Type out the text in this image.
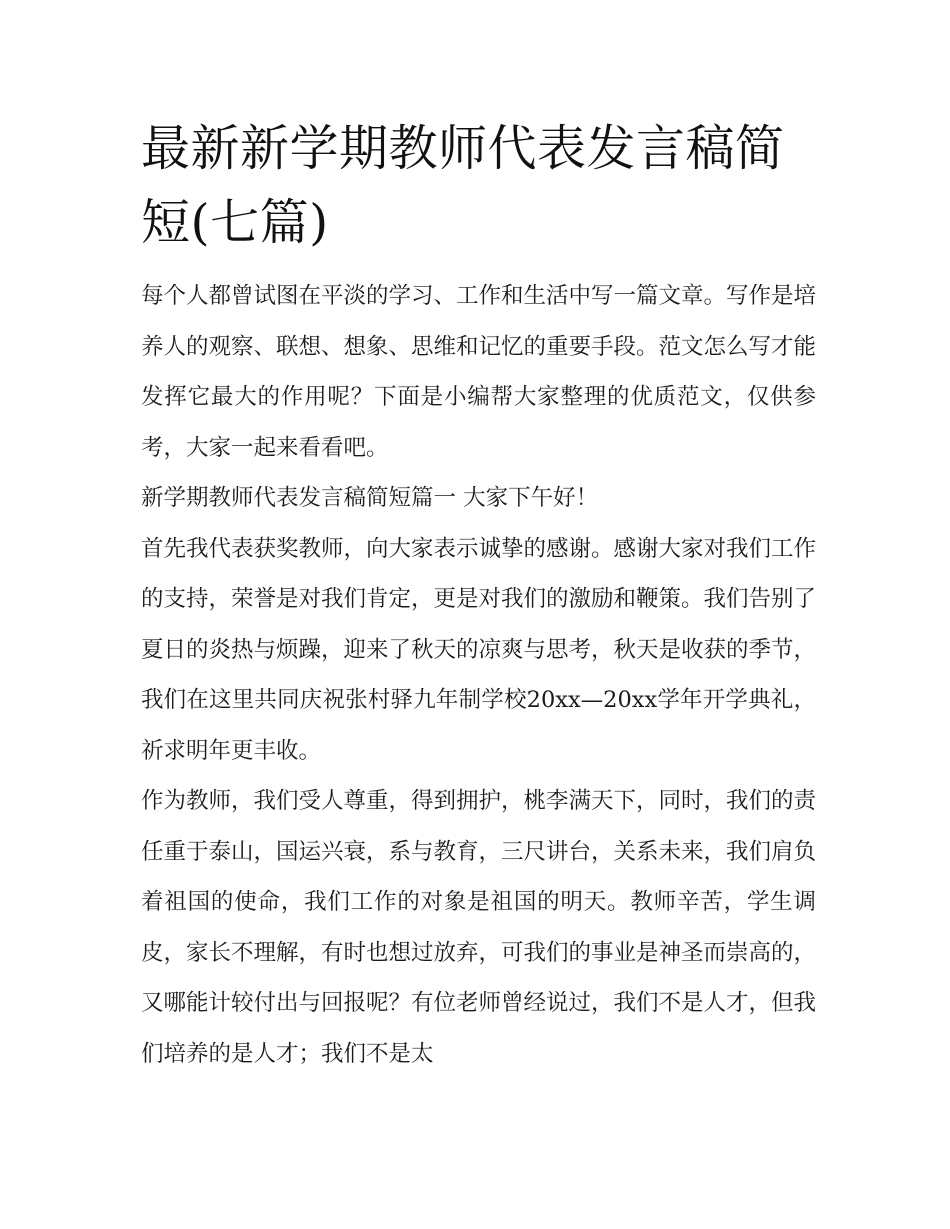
最新新学期教师代表发言稿简短(七篇)

每个人都曾试图在平淡的学习、工作和生活中写一篇文章。写作是培养人的观察、联想、想象、思维和记忆的重要手段。范文怎么写才能发挥它最大的作用呢？下面是小编帮大家整理的优质范文，仅供参考，大家一起来看看吧。

新学期教师代表发言稿简短篇一 大家下午好！

首先我代表获奖教师，向大家表示诚挚的感谢。感谢大家对我们工作的支持，荣誉是对我们肯定，更是对我们的激励和鞭策。我们告别了夏日的炎热与烦躁，迎来了秋天的凉爽与思考，秋天是收获的季节，我们在这里共同庆祝张村驿九年制学校20xx—20xx学年开学典礼，祈求明年更丰收。

作为教师，我们受人尊重，得到拥护，桃李满天下，同时，我们的责任重于泰山，国运兴衰，系与教育，三尺讲台，关系未来，我们肩负着祖国的使命，我们工作的对象是祖国的明天。教师辛苦，学生调皮，家长不理解，有时也想过放弃，可我们的事业是神圣而崇高的，又哪能计较付出与回报呢？有位老师曾经说过，我们不是人才，但我们培养的是人才；我们不是太
